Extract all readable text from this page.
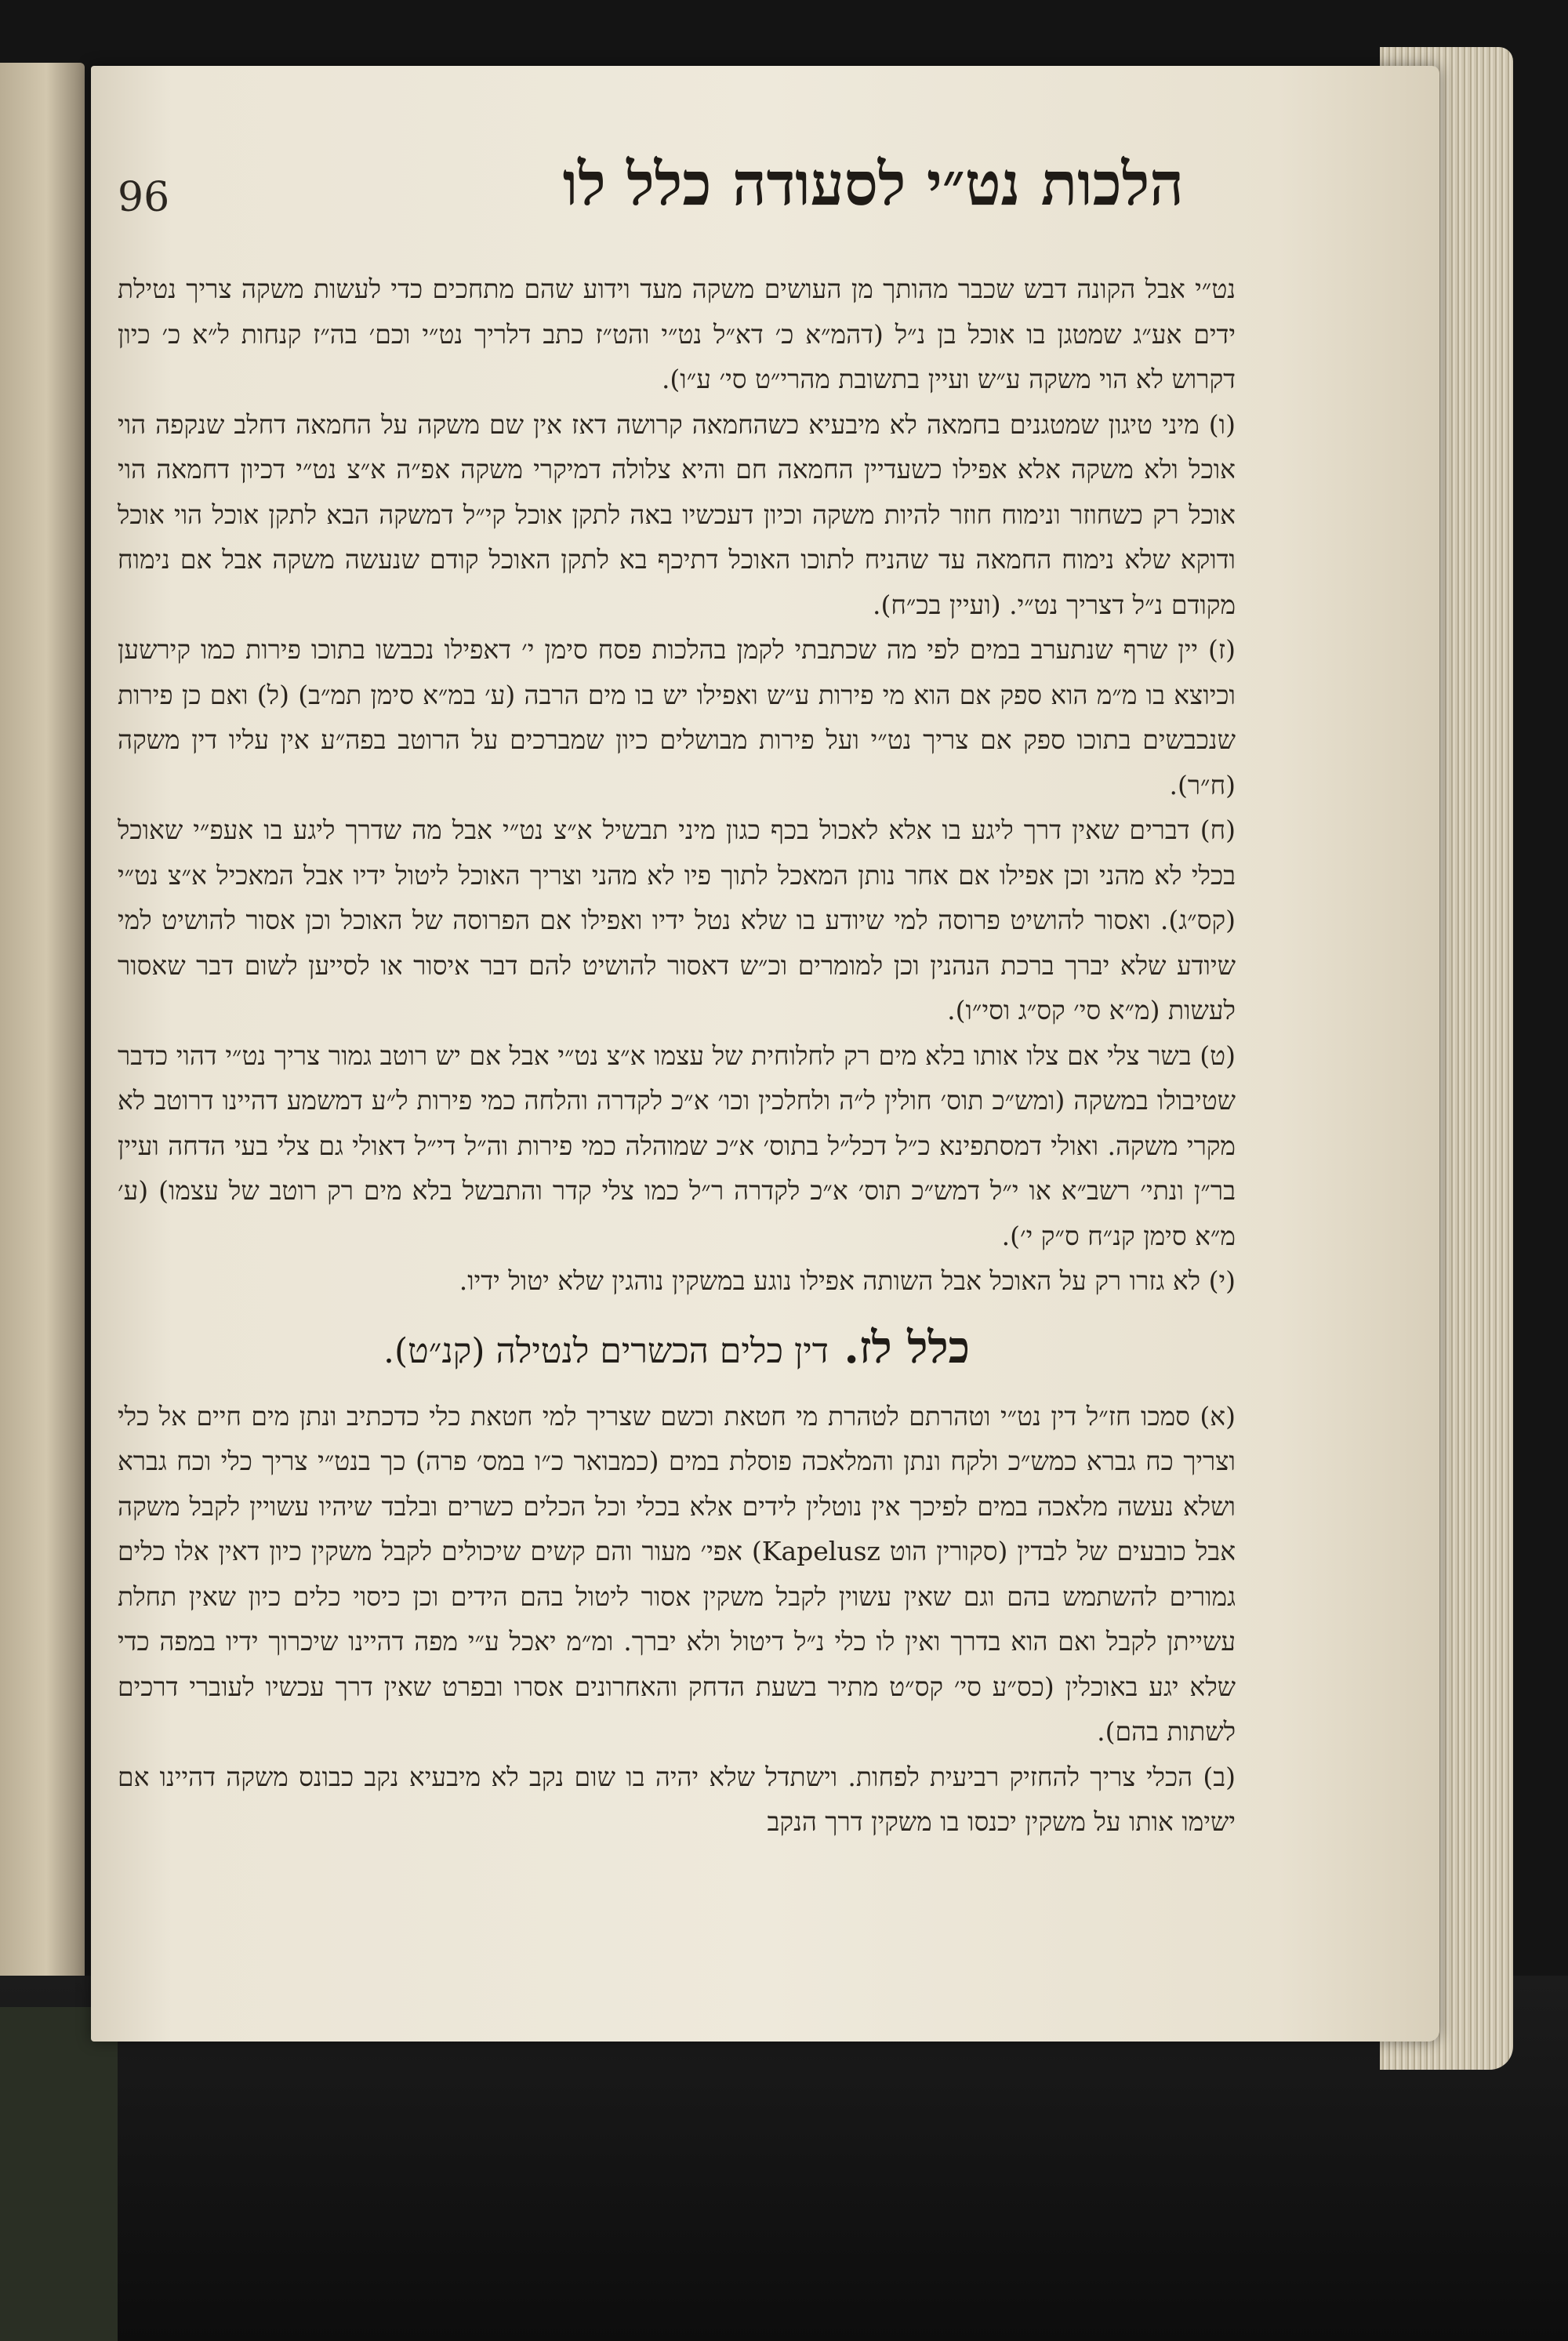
96	הלכות נט״י לסעודה כלל לו

נט״י אבל הקונה דבש שכבר מהותך מן העושים משקה מעד וידוע שהם מתחכים כדי לעשות משקה צריך נטילת ידים אע״ג שמטגן בו אוכל בן נ״ל (דהמ״א כ׳ דא״ל נט״י והט״ז כתב דלריך נט״י וכם׳ בה״ז קנחות ל״א כ׳ כיון דקרוש לא הוי משקה ע״ש ועיין בתשובת מהרי״ט סי׳ ע״ו).

(ו) מיני טיגון שמטגנים בחמאה לא מיבעיא כשהחמאה קרושה דאז אין שם משקה על החמאה דחלב שנקפה הוי אוכל ולא משקה אלא אפילו כשעדיין החמאה חם והיא צלולה דמיקרי משקה אפ״ה א״צ נט״י דכיון דחמאה הוי אוכל רק כשחוזר ונימוח חוזר להיות משקה וכיון דעכשיו באה לתקן אוכל קי״ל דמשקה הבא לתקן אוכל הוי אוכל ודוקא שלא נימוח החמאה עד שהניח לתוכו האוכל דתיכף בא לתקן האוכל קודם שנעשה משקה אבל אם נימוח מקודם נ״ל דצריך נט״י. (ועיין בכ״ח).

(ז) יין שרף שנתערב במים לפי מה שכתבתי לקמן בהלכות פסח סימן י׳ דאפילו נכבשו בתוכו פירות כמו קירשען וכיוצא בו מ״מ הוא ספק אם הוא מי פירות ע״ש ואפילו יש בו מים הרבה (ע׳ במ״א סימן תמ״ב) (ל) ואם כן פירות שנכבשים בתוכו ספק אם צריך נט״י ועל פירות מבושלים כיון שמברכים על הרוטב בפה״ע אין עליו דין משקה (ח״ר).

(ח) דברים שאין דרך ליגע בו אלא לאכול בכף כגון מיני תבשיל א״צ נט״י אבל מה שדרך ליגע בו אעפ״י שאוכל בכלי לא מהני וכן אפילו אם אחר נותן המאכל לתוך פיו לא מהני וצריך האוכל ליטול ידיו אבל המאכיל א״צ נט״י (קס״ג). ואסור להושיט פרוסה למי שיודע בו שלא נטל ידיו ואפילו אם הפרוסה של האוכל וכן אסור להושיט למי שיודע שלא יברך ברכת הנהנין וכן למומרים וכ״ש דאסור להושיט להם דבר איסור או לסייען לשום דבר שאסור לעשות (מ״א סי׳ קס״ג וסי״ו).

(ט) בשר צלי אם צלו אותו בלא מים רק לחלוחית של עצמו א״צ נט״י אבל אם יש רוטב גמור צריך נט״י דהוי כדבר שטיבולו במשקה (ומש״כ תוס׳ חולין ל״ה ולחלכין וכו׳ א״כ לקדרה והלחה כמי פירות ל״ע דמשמע דהיינו דרוטב לא מקרי משקה. ואולי דמסתפינא כ״ל דכל״ל בתוס׳ א״כ שמוהלה כמי פירות וה״ל די״ל דאולי גם צלי בעי הדחה ועיין בר״ן ונתי׳ רשב״א או י״ל דמש״כ תוס׳ א״כ לקדרה ר״ל כמו צלי קדר והתבשל בלא מים רק רוטב של עצמו) (ע׳ מ״א סימן קנ״ח ס״ק י׳).

(י) לא גזרו רק על האוכל אבל השותה אפילו נוגע במשקין נוהגין שלא יטול ידיו.

כלל לז. דין כלים הכשרים לנטילה (קנ״ט).

(א) סמכו חז״ל דין נט״י וטהרתם לטהרת מי חטאת וכשם שצריך למי חטאת כלי כדכתיב ונתן מים חיים אל כלי וצריך כח גברא כמש״כ ולקח ונתן והמלאכה פוסלת במים (כמבואר כ״ו במס׳ פרה) כך בנט״י צריך כלי וכח גברא ושלא נעשה מלאכה במים לפיכך אין נוטלין לידים אלא בכלי וכל הכלים כשרים ובלבד שיהיו עשויין לקבל משקה אבל כובעים של לבדין (סקורין הוט Kapelusz) אפי׳ מעור והם קשים שיכולים לקבל משקין כיון דאין אלו כלים גמורים להשתמש בהם וגם שאין עשוין לקבל משקין אסור ליטול בהם הידים וכן כיסוי כלים כיון שאין תחלת עשייתן לקבל ואם הוא בדרך ואין לו כלי נ״ל דיטול ולא יברך. ומ״מ יאכל ע״י מפה דהיינו שיכרוך ידיו במפה כדי שלא יגע באוכלין (כס״ע סי׳ קס״ט מתיר בשעת הדחק והאחרונים אסרו ובפרט שאין דרך עכשיו לעוברי דרכים לשתות בהם).

(ב) הכלי צריך להחזיק רביעית לפחות. וישתדל שלא יהיה בו שום נקב לא מיבעיא נקב כבונס משקה דהיינו אם ישימו אותו על משקין יכנסו בו משקין דרך הנקב
